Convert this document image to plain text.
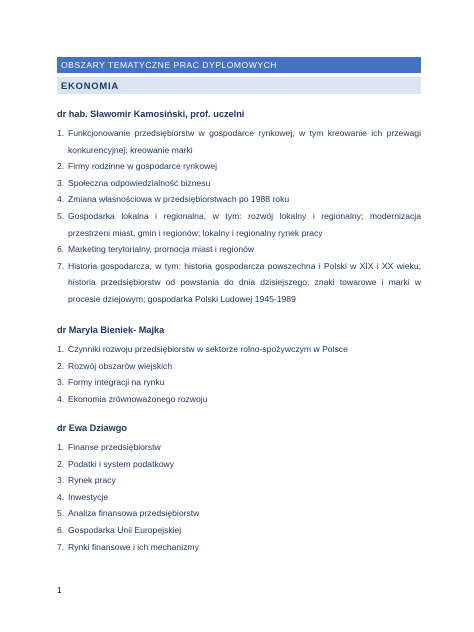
OBSZARY TEMATYCZNE PRAC DYPLOMOWYCH
EKONOMIA
dr hab. Sławomir Kamosiński, prof. uczelni
1. Funkcjonowanie przedsiębiorstw w gospodarce rynkowej, w tym kreowanie ich przewagi konkurencyjnej; kreowanie marki
2. Firmy rodzinne w gospodarce rynkowej
3. Społeczna odpowiedzialność biznesu
4. Zmiana własnościowa w przedsiębiorstwach po 1988 roku
5. Gospodarka lokalna i regionalna, w tym: rozwój lokalny i regionalny; modernizacja przestrzeni miast, gmin i regionów; lokalny i regionalny rynek pracy
6. Marketing terytorialny, promocja miast i regionów
7. Historia gospodarcza, w tym: historia gospodarcza powszechna i Polski w XIX i XX wieku; historia przedsiębiorstw od powstania do dnia dzisiejszego; znaki towarowe i marki w procesie dziejowym; gospodarka Polski Ludowej 1945-1989
dr Maryla Bieniek- Majka
1. Czynniki rozwoju przedsiębiorstw w sektorze rolno-spożywczym w Polsce
2. Rozwój obszarów wiejskich
3. Formy integracji na rynku
4. Ekonomia zrównoważonego rozwoju
dr Ewa Dziawgo
1. Finanse przedsiębiorstw
2. Podatki i system podatkowy
3. Rynek pracy
4. Inwestycje
5. Analiza finansowa przedsiębiorstw
6. Gospodarka Unii Europejskiej
7. Rynki finansowe i ich mechanizmy
1
